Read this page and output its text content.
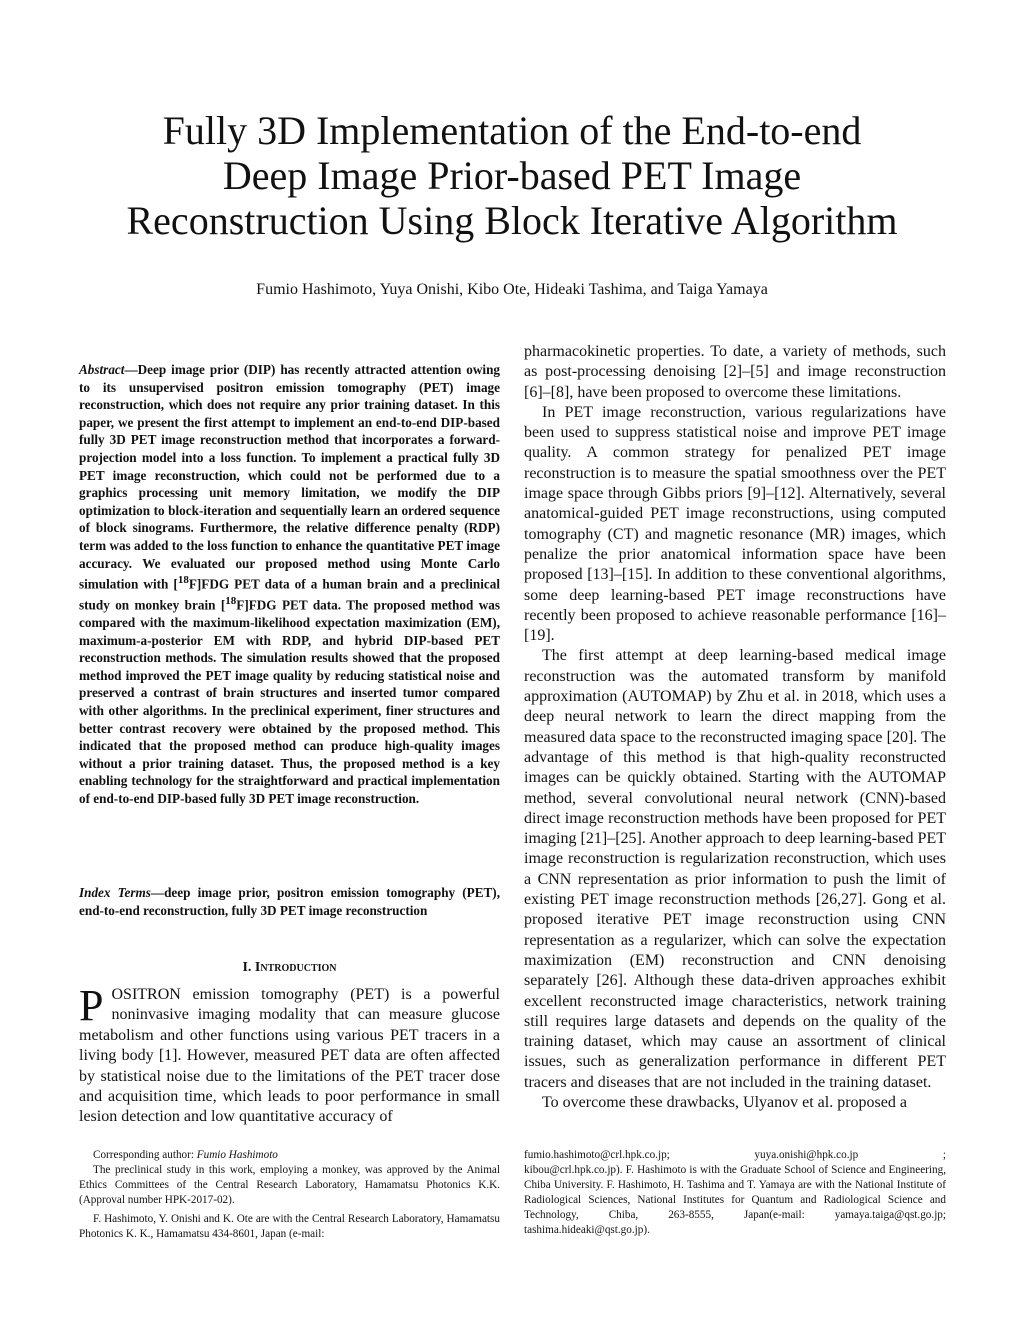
Fully 3D Implementation of the End-to-end
Deep Image Prior-based PET Image
Reconstruction Using Block Iterative Algorithm
Fumio Hashimoto, Yuya Onishi, Kibo Ote, Hideaki Tashima, and Taiga Yamaya

Abstract—Deep image prior (DIP) has recently attracted attention owing to its unsupervised positron emission tomography (PET) image reconstruction, which does not require any prior training dataset. In this paper, we present the first attempt to implement an end-to-end DIP-based fully 3D PET image reconstruction method that incorporates a forward-projection model into a loss function. To implement a practical fully 3D PET image reconstruction, which could not be performed due to a graphics processing unit memory limitation, we modify the DIP optimization to block-iteration and sequentially learn an ordered sequence of block sinograms. Furthermore, the relative difference penalty (RDP) term was added to the loss function to enhance the quantitative PET image accuracy. We evaluated our proposed method using Monte Carlo simulation with [$^{18}$F]FDG PET data of a human brain and a preclinical study on monkey brain [$^{18}$F]FDG PET data. The proposed method was compared with the maximum-likelihood expectation maximization (EM), maximum-a-posterior EM with RDP, and hybrid DIP-based PET reconstruction methods. The simulation results showed that the proposed method improved the PET image quality by reducing statistical noise and preserved a contrast of brain structures and inserted tumor compared with other algorithms. In the preclinical experiment, finer structures and better contrast recovery were obtained by the proposed method. This indicated that the proposed method can produce high-quality images without a prior training dataset. Thus, the proposed method is a key enabling technology for the straightforward and practical implementation of end-to-end DIP-based fully 3D PET image reconstruction.

Index Terms—deep image prior, positron emission tomography (PET), end-to-end reconstruction, fully 3D PET image reconstruction

I. Introduction

POSITRON emission tomography (PET) is a powerful noninvasive imaging modality that can measure glucose metabolism and other functions using various PET tracers in a living body [1]. However, measured PET data are often affected by statistical noise due to the limitations of the PET tracer dose and acquisition time, which leads to poor performance in small lesion detection and low quantitative accuracy of

pharmacokinetic properties. To date, a variety of methods, such as post-processing denoising [2]–[5] and image reconstruction [6]–[8], have been proposed to overcome these limitations.

In PET image reconstruction, various regularizations have been used to suppress statistical noise and improve PET image quality. A common strategy for penalized PET image reconstruction is to measure the spatial smoothness over the PET image space through Gibbs priors [9]–[12]. Alternatively, several anatomical-guided PET image reconstructions, using computed tomography (CT) and magnetic resonance (MR) images, which penalize the prior anatomical information space have been proposed [13]–[15]. In addition to these conventional algorithms, some deep learning-based PET image reconstructions have recently been proposed to achieve reasonable performance [16]–[19].

The first attempt at deep learning-based medical image reconstruction was the automated transform by manifold approximation (AUTOMAP) by Zhu et al. in 2018, which uses a deep neural network to learn the direct mapping from the measured data space to the reconstructed imaging space [20]. The advantage of this method is that high-quality reconstructed images can be quickly obtained. Starting with the AUTOMAP method, several convolutional neural network (CNN)-based direct image reconstruction methods have been proposed for PET imaging [21]–[25]. Another approach to deep learning-based PET image reconstruction is regularization reconstruction, which uses a CNN representation as prior information to push the limit of existing PET image reconstruction methods [26,27]. Gong et al. proposed iterative PET image reconstruction using CNN representation as a regularizer, which can solve the expectation maximization (EM) reconstruction and CNN denoising separately [26]. Although these data-driven approaches exhibit excellent reconstructed image characteristics, network training still requires large datasets and depends on the quality of the training dataset, which may cause an assortment of clinical issues, such as generalization performance in different PET tracers and diseases that are not included in the training dataset.

To overcome these drawbacks, Ulyanov et al. proposed a

Corresponding author: Fumio Hashimoto

The preclinical study in this work, employing a monkey, was approved by the Animal Ethics Committees of the Central Research Laboratory, Hamamatsu Photonics K.K. (Approval number HPK-2017-02).

F. Hashimoto, Y. Onishi and K. Ote are with the Central Research Laboratory, Hamamatsu Photonics K. K., Hamamatsu 434-8601, Japan (e-mail:

fumio.hashimoto@crl.hpk.co.jp;	yuya.onishi@hpk.co.jp	;

kibou@crl.hpk.co.jp). F. Hashimoto is with the Graduate School of Science and Engineering, Chiba University. F. Hashimoto, H. Tashima and T. Yamaya are with the National Institute of Radiological Sciences, National Institutes for Quantum and Radiological Science and Technology, Chiba, 263-8555, Japan(e-mail: yamaya.taiga@qst.go.jp; tashima.hideaki@qst.go.jp).
